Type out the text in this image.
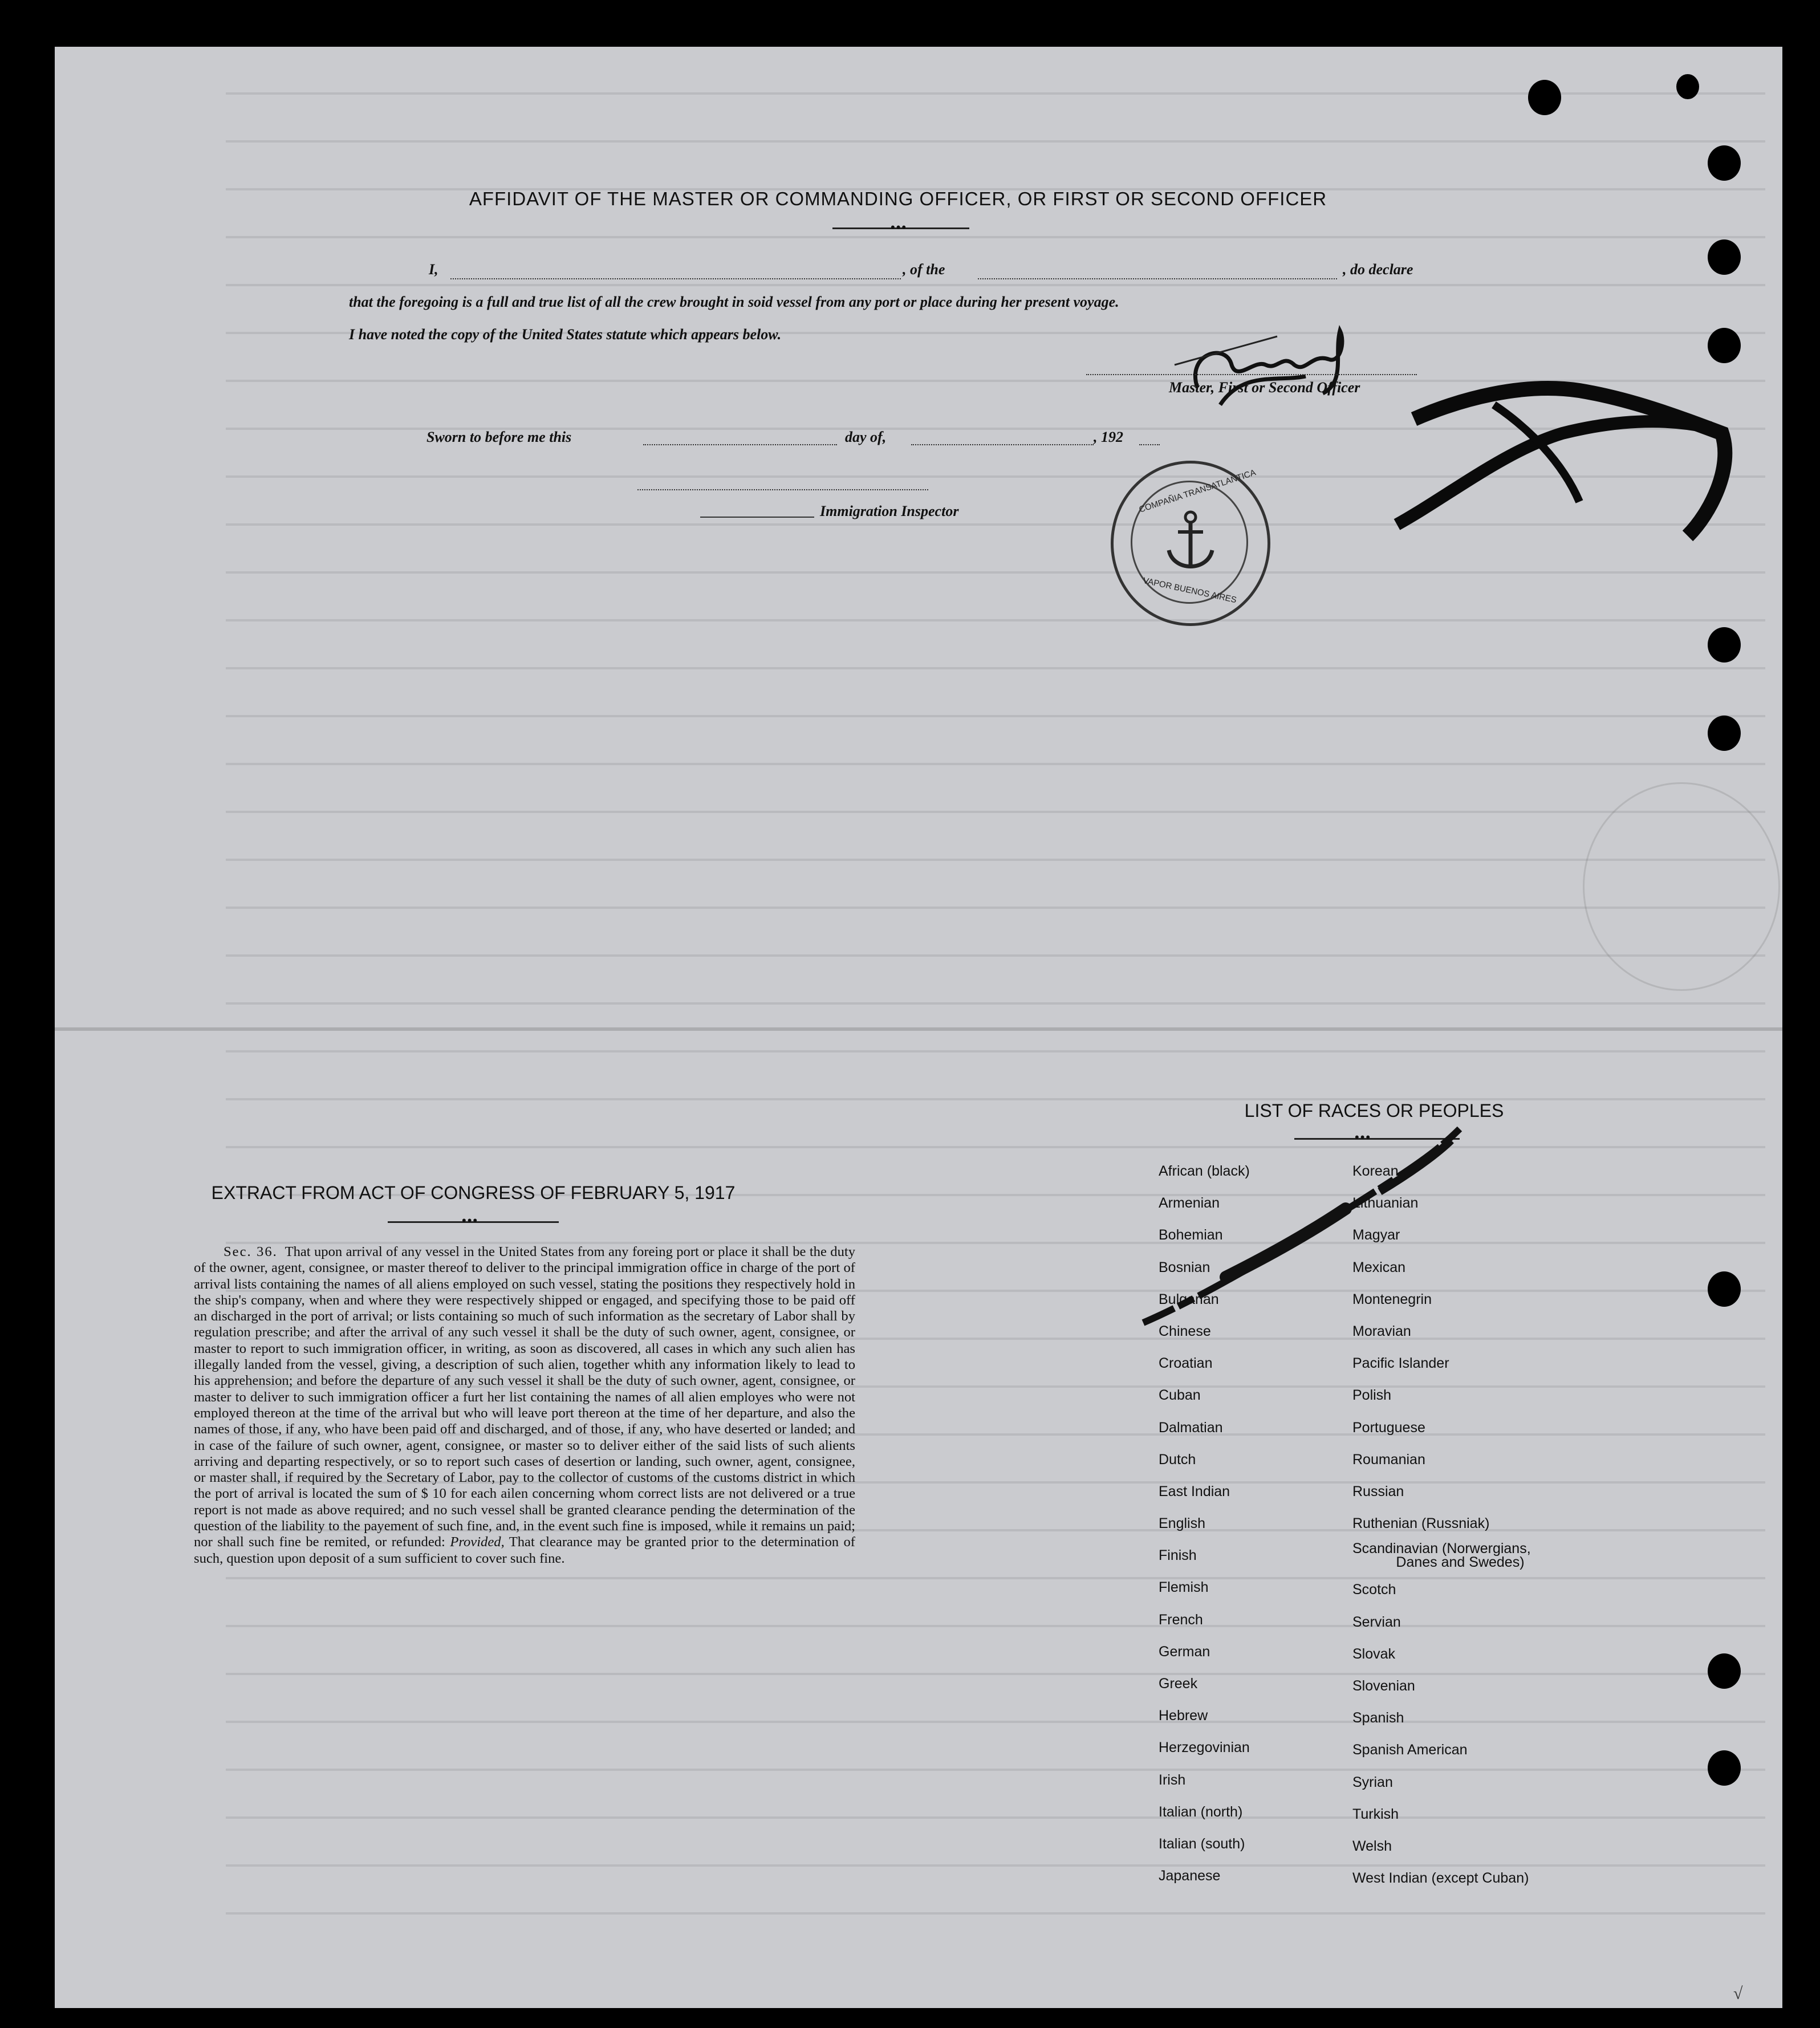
AFFIDAVIT OF THE MASTER OR COMMANDING OFFICER, OR FIRST OR SECOND OFFICER
•••
I,	, of the	, do declare
that the foregoing is a full and true list of all the crew brought in soid vessel from any port or place during her present voyage.
I have noted the copy of the United States statute which appears below.
Master, First or Second Officer
Sworn to before me this	day of,	, 192
Immigration Inspector	COMPAÑIA TRANSATLANTICA
VAPOR BUENOS AIRES
EXTRACT FROM ACT OF CONGRESS OF FEBRUARY 5, 1917
•••
Sec. 36. That upon arrival of any vessel in the United States from any foreing port or place it shall be the duty of the owner, agent, consignee, or master thereof to deliver to the principal immigration office in charge of the port of arrival lists containing the names of all aliens employed on such vessel, stating the positions they respectively hold in the ship's company, when and where they were respectively shipped or engaged, and specifying those to be paid off an discharged in the port of arrival; or lists containing so much of such information as the secretary of Labor shall by regulation prescribe; and after the arrival of any such vessel it shall be the duty of such owner, agent, consignee, or master to report to such immigration officer, in writing, as soon as discovered, all cases in which any such alien has illegally landed from the vessel, giving, a description of such alien, together whith any information likely to lead to his apprehension; and before the departure of any such vessel it shall be the duty of such owner, agent, consignee, or master to deliver to such immigration officer a furt her list containing the names of all alien employes who were not employed thereon at the time of the arrival but who will leave port thereon at the time of her departure, and also the names of those, if any, who have been paid off and discharged, and of those, if any, who have deserted or landed; and in case of the failure of such owner, agent, consignee, or master so to deliver either of the said lists of such alients arriving and departing respectively, or so to report such cases of desertion or landing, such owner, agent, consignee, or master shall, if required by the Secretary of Labor, pay to the collector of customs of the customs district in which the port of arrival is located the sum of $ 10 for each ailen concerning whom correct lists are not delivered or a true report is not made as above required; and no such vessel shall be granted clearance pending the determination of the question of the liability to the payement of such fine, and, in the event such fine is imposed, while it remains un paid; nor shall such fine be remited, or refunded: Provided, That clearance may be granted prior to the determination of such, question upon deposit of a sum sufficient to cover such fine.
LIST OF RACES OR PEOPLES
•••
African (black)
Armenian
Bohemian
Bosnian
Bulgarian
Chinese
Croatian
Cuban
Dalmatian
Dutch
East Indian
English
Finish
Flemish
French
German
Greek
Hebrew
Herzegovinian
Irish
Italian (north)
Italian (south)
Japanese
Korean
Lithuanian
Magyar
Mexican
Montenegrin
Moravian
Pacific Islander
Polish
Portuguese
Roumanian
Russian
Ruthenian (Russniak)
Scandinavian (Norwergians,
Danes and Swedes)
Scotch
Servian
Slovak
Slovenian
Spanish
Spanish American
Syrian
Turkish
Welsh
West Indian (except Cuban)
√
